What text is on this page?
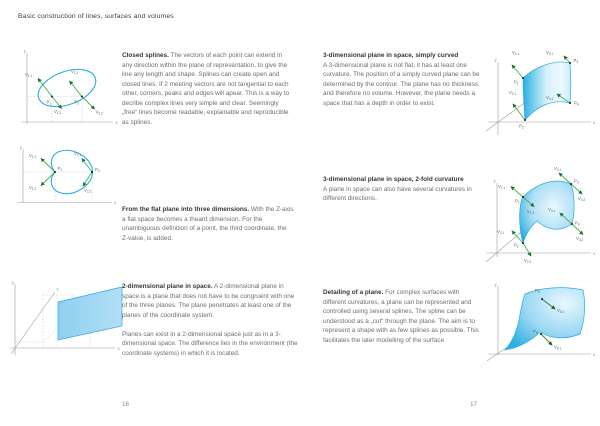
Basic construction of lines, surfaces and volumes
y
x
$V_{1.1}$
$V_{1.2}$
$V_{2.1}$
$V_{2.2}$
$P_1$	$P_2$
y
x
$V_{1.1}$
$V_{1.2}$
$V_{2.1}$
$V_{2.2}$
$P_1$	$P_2$
y
x
z

Closed splines. The vectors of each point can extend in any direction within the plane of representation, to give the line any length and shape. Splines can create open and closed lines. If 2 meeting vectors are not tangential to each other, corners, peaks and edges will apear. This is a way to decribe complex lines very simple and clear. Seemingly „free“ lines become readable, explainable and reproducible as splines.

From the flat plane into three dimensions. With the Z-axis a flat space becomes a theard dimension. For the unambiguous definition of a point, the third coordinate, the Z-value, is added.

2-dimensional plane in space. A 2-dimensional plane in space is a plane that does not have to be congruent with one of the three planes. The plane penetrates at least one of the planes of the coordinate system.

Planes can exist in a 2-dimensional space just as in a 3-dimensional space. The difference lies in the environment (the coordinate systems) in which it is located.

3-dimensional plane in space, simply curved
A 3-dimensional plane is not flat, it has at least one curvature. The position of a simply curved plane can be determined by the contour. The plane has no thickness and therefore no volume. However, the plane needs a space that has a depth in order to exist.

3-dimensional plane in space, 2-fold curvature
A plane in space can also have several curvatures in different directions.

Detailing of a plane. For complex surfaces with different curvatures, a plane can be represented and controlled using several splines. The spline can be understood as a „cut“ through the plane. The aim is to represent a shape with as few splines as possible. This facilitates the later modelling of the surface

y
x
$V_{1.1}$	$V_{3.1}$
$V_{2.1}$
$V_{4.1}$
$P_1$
$P_2$
$P_3$
$P_4$
y
x
$V_{1.1}$
$V_{1.2}$
$V_{2.1}$
$V_{2.2}$
$V_{3.1}$
$V_{3.2}$
$V_{4.1}$
$V_{4.2}$
$P_1$
$P_2$
$P_3$
$P_4$
y
x
$P_5$
$V_{5.1}$
$P_6$
$V_{6.1}$
16	17
